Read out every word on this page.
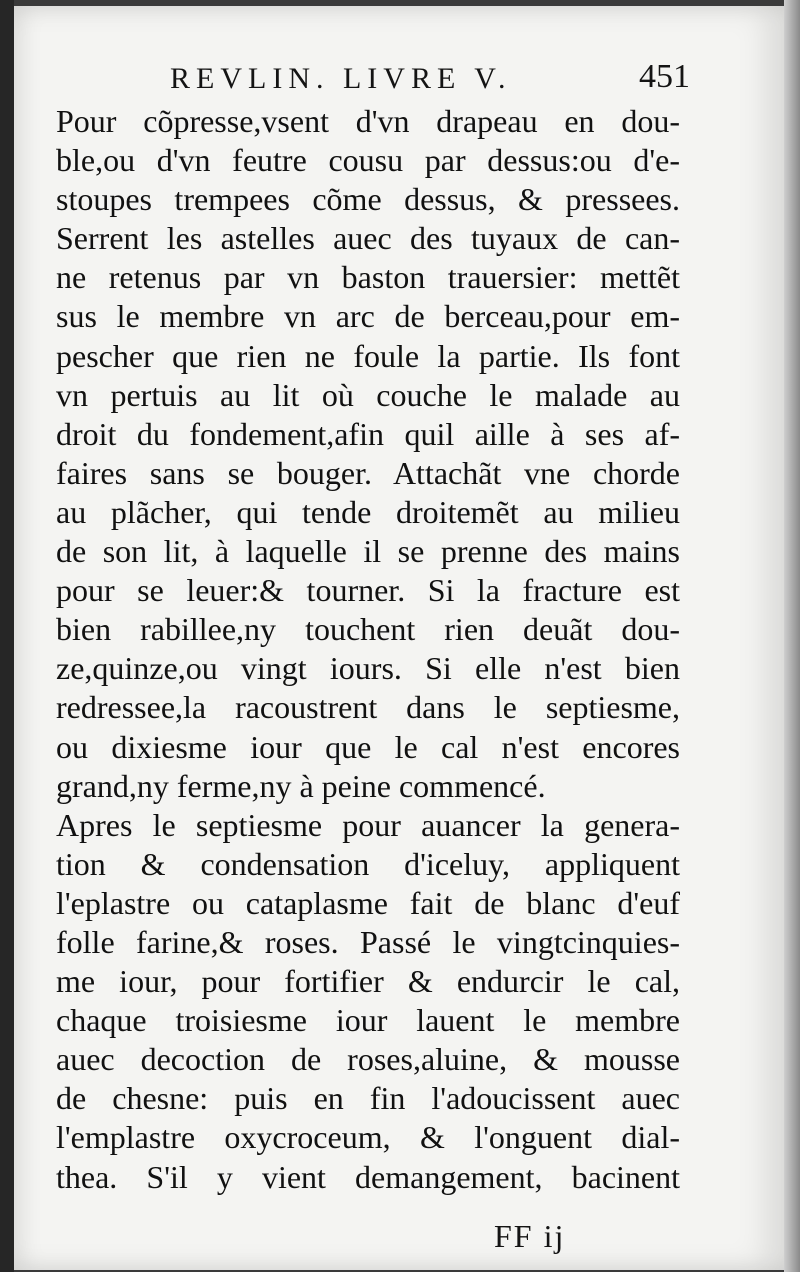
REVLIN. LIVRE V.	451
Pour cõpresse,vsent d'vn drapeau en dou-
ble,ou d'vn feutre cousu par dessus:ou d'e-
stoupes trempees cõme dessus, & pressees.
Serrent les astelles auec des tuyaux de can-
ne retenus par vn baston trauersier: mettẽt
sus le membre vn arc de berceau,pour em-
pescher que rien ne foule la partie. Ils font
vn pertuis au lit où couche le malade au
droit du fondement,afin quil aille à ses af-
faires sans se bouger. Attachãt vne chorde
au plãcher, qui tende droitemẽt au milieu
de son lit, à laquelle il se prenne des mains
pour se leuer:& tourner. Si la fracture est
bien rabillee,ny touchent rien deuãt dou-
ze,quinze,ou vingt iours. Si elle n'est bien
redressee,la racoustrent dans le septiesme,
ou dixiesme iour que le cal n'est encores
grand,ny ferme,ny à peine commencé.
Apres le septiesme pour auancer la genera-
tion & condensation d'iceluy, appliquent
l'eplastre ou cataplasme fait de blanc d'euf
folle farine,& roses. Passé le vingtcinquies-
me iour, pour fortifier & endurcir le cal,
chaque troisiesme iour lauent le membre
auec decoction de roses,aluine, & mousse
de chesne: puis en fin l'adoucissent auec
l'emplastre oxycroceum, & l'onguent dial-
thea. S'il y vient demangement, bacinent
FF ij
